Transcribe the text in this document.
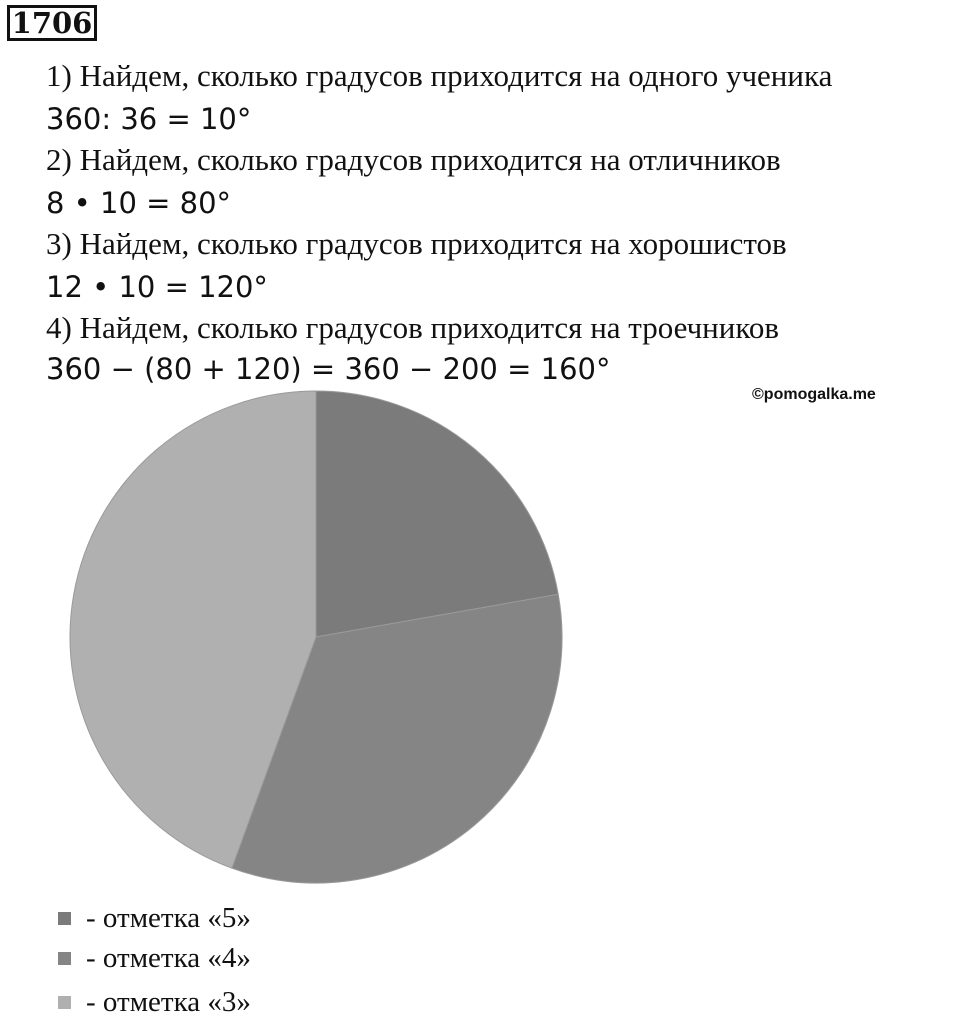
1706
1) Найдем, сколько градусов приходится на одного ученика
360: 36 = 10°
2) Найдем, сколько градусов приходится на отличников
8 • 10 = 80°
3) Найдем, сколько градусов приходится на хорошистов
12 • 10 = 120°
4) Найдем, сколько градусов приходится на троечников
360 − (80 + 120) = 360 − 200 = 160°
©pomogalka.me
- отметка «5»
- отметка «4»
- отметка «3»
